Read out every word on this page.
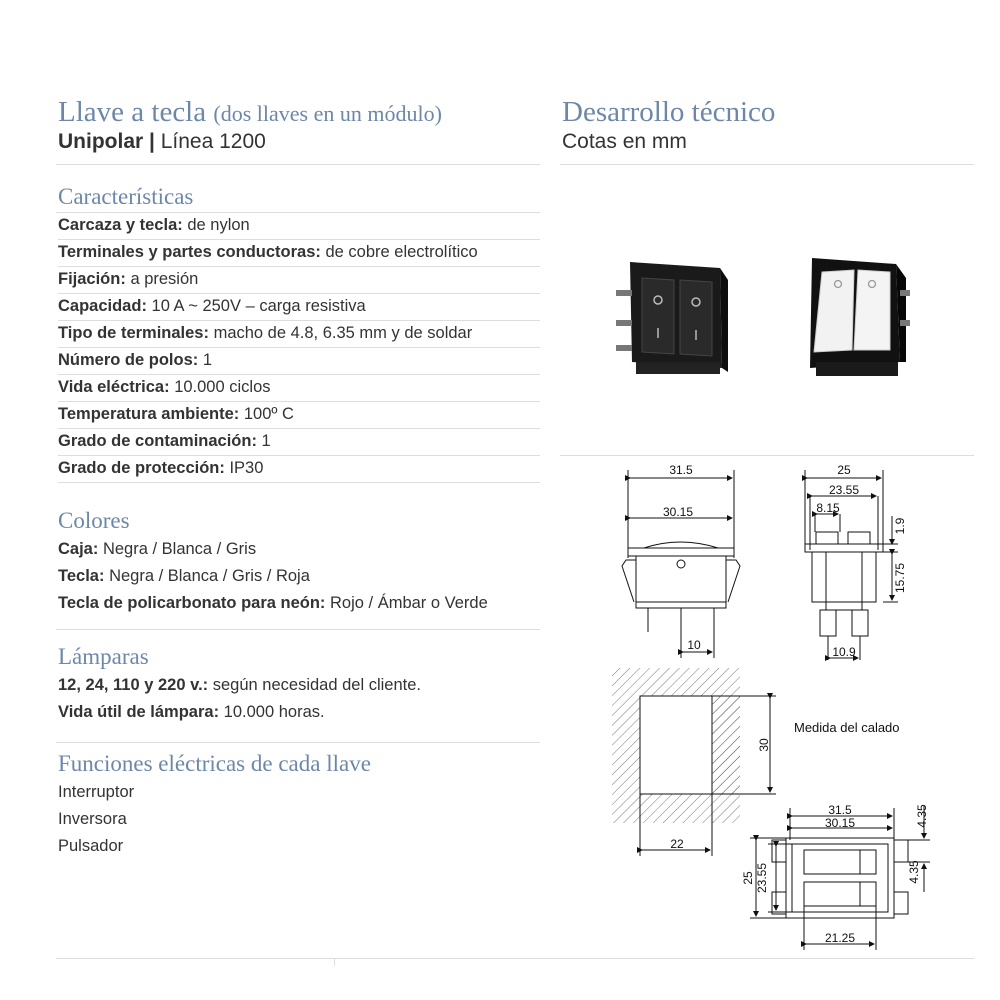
Llave a tecla (dos llaves en un módulo)
Unipolar | Línea 1200
Características
Carcaza y tecla: de nylon
Terminales y partes conductoras: de cobre electrolítico
Fijación: a presión
Capacidad: 10 A ~ 250V – carga resistiva
Tipo de terminales: macho de 4.8, 6.35 mm y de soldar
Número de polos: 1
Vida eléctrica: 10.000 ciclos
Temperatura ambiente: 100º C
Grado de contaminación: 1
Grado de protección: IP30
Colores
Caja: Negra / Blanca / Gris
Tecla: Negra / Blanca / Gris / Roja
Tecla de policarbonato para neón: Rojo / Ámbar o Verde
Lámparas
12, 24, 110 y 220 v.: según necesidad del cliente.
Vida útil de lámpara: 10.000 horas.
Funciones eléctricas de cada llave
Interruptor
Inversora
Pulsador
Desarrollo técnico
Cotas en mm
31.5
30.15
10
25
23.55
8.15
1.9
15.75
10.9
Medida del calado
30
22
31.5
30.15	4.35
4.35
25 23.55
21.25
